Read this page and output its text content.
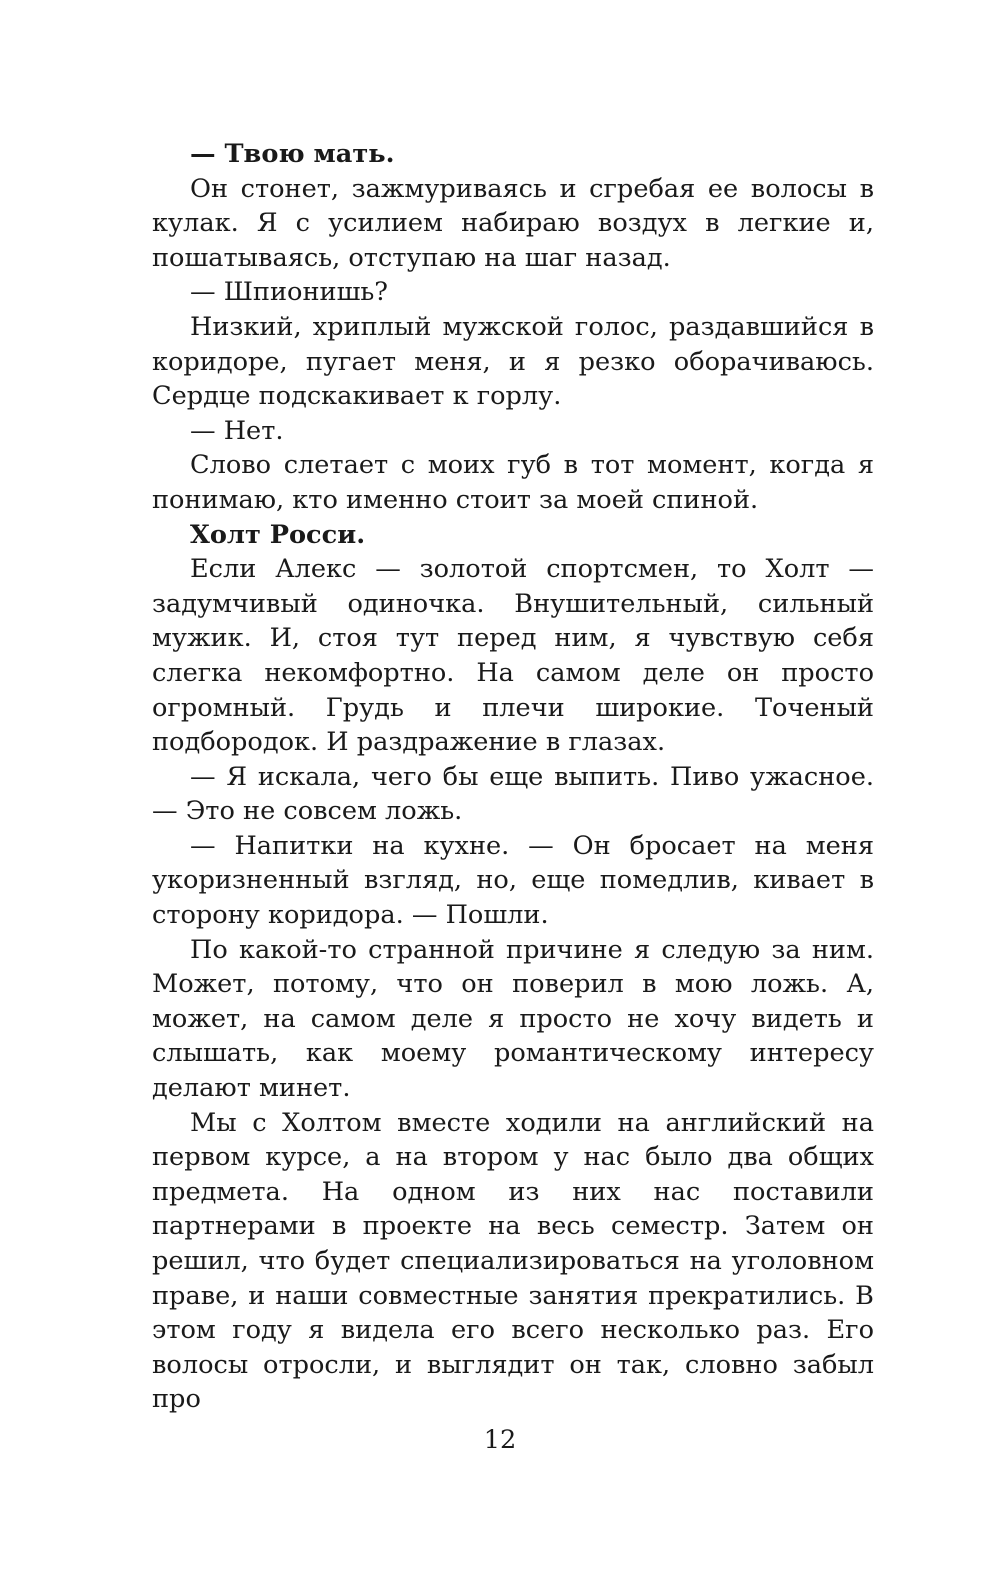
— Твою мать.

Он стонет, зажмуриваясь и сгребая ее волосы в кулак. Я с усилием набираю воздух в легкие и, пошатываясь, отступаю на шаг назад.

— Шпионишь?

Низкий, хриплый мужской голос, раздавшийся в коридоре, пугает меня, и я резко оборачиваюсь. Сердце подскакивает к горлу.

— Нет.

Слово слетает с моих губ в тот момент, когда я понимаю, кто именно стоит за моей спиной.

Холт Росси.

Если Алекс — золотой спортсмен, то Холт — задумчивый одиночка. Внушительный, сильный мужик. И, стоя тут перед ним, я чувствую себя слегка некомфортно. На самом деле он просто огромный. Грудь и плечи широкие. Точеный подбородок. И раздражение в глазах.

— Я искала, чего бы еще выпить. Пиво ужасное. — Это не совсем ложь.

— Напитки на кухне. — Он бросает на меня укоризненный взгляд, но, еще помедлив, кивает в сторону коридора. — Пошли.

По какой-то странной причине я следую за ним. Может, потому, что он поверил в мою ложь. А, может, на самом деле я просто не хочу видеть и слышать, как моему романтическому интересу делают минет.

Мы с Холтом вместе ходили на английский на первом курсе, а на втором у нас было два общих предмета. На одном из них нас поставили партнерами в проекте на весь семестр. Затем он решил, что будет специализироваться на уголовном праве, и наши совместные занятия прекратились. В этом году я видела его всего несколько раз. Его волосы отросли, и выглядит он так, словно забыл про

12
